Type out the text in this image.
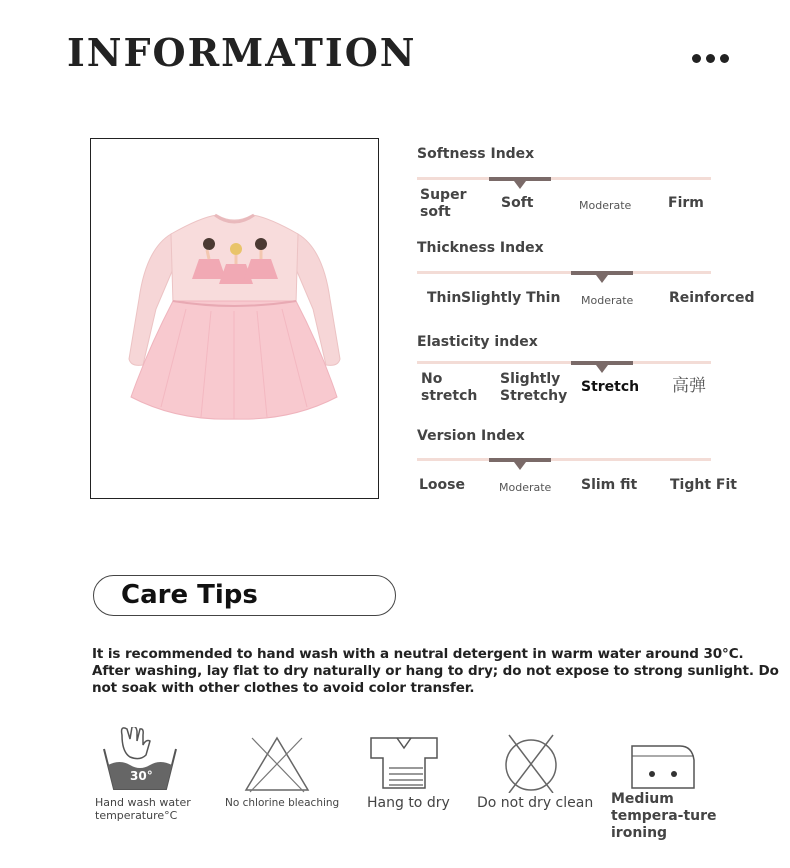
INFORMATION
Softness Index
Super soft
Soft	Moderate	Firm
Thickness Index
Thin Slightly Thin Moderate	Reinforced
Elasticity index
No stretch
Slightly Stretchy
Stretch 高弹
Version Index
Loose	Moderate Slim fit Tight Fit
Care Tips
It is recommended to hand wash with a neutral detergent in warm water around 30°C. After washing, lay flat to dry naturally or hang to dry; do not expose to strong sunlight. Do not soak with other clothes to avoid color transfer.
30°
Hand wash water temperature°C
No chlorine bleaching Hang to dry Do not dry clean Medium tempera-ture ironing
